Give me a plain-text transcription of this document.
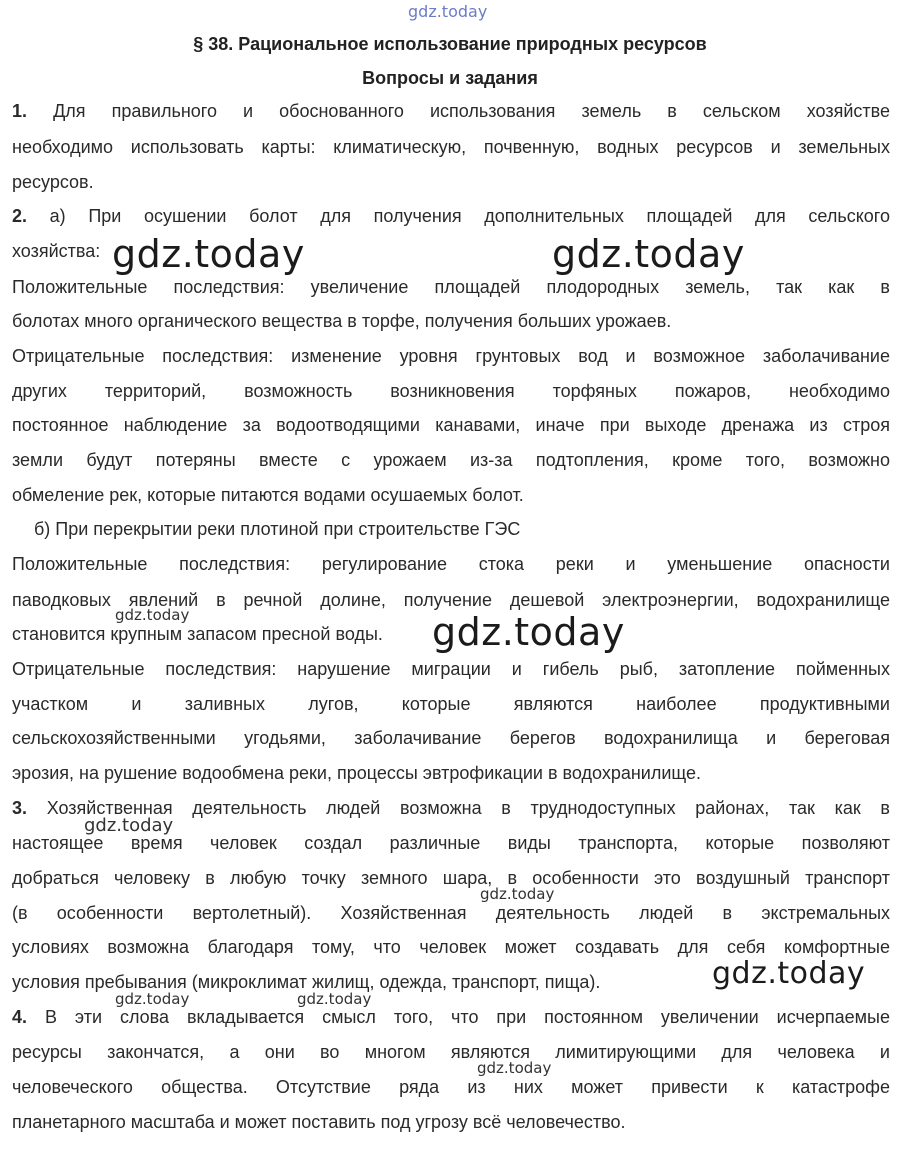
gdz.today
§ 38. Рациональное использование природных ресурсов
Вопросы и задания
1. Для правильного и обоснованного использования земель в сельском хозяйстве
необходимо использовать карты: климатическую, почвенную, водных ресурсов и земельных
ресурсов.
2. а) При осушении болот для получения дополнительных площадей для сельского
хозяйства:
Положительные последствия: увеличение площадей плодородных земель, так как в
болотах много органического вещества в торфе, получения больших урожаев.
Отрицательные последствия: изменение уровня грунтовых вод и возможное заболачивание
других территорий, возможность возникновения торфяных пожаров, необходимо
постоянное наблюдение за водоотводящими канавами, иначе при выходе дренажа из строя
земли будут потеряны вместе с урожаем из-за подтопления, кроме того, возможно
обмеление рек, которые питаются водами осушаемых болот.
б) При перекрытии реки плотиной при строительстве ГЭС
Положительные последствия: регулирование стока реки и уменьшение опасности
паводковых явлений в речной долине, получение дешевой электроэнергии, водохранилище
становится крупным запасом пресной воды.
Отрицательные последствия: нарушение миграции и гибель рыб, затопление пойменных
участком и заливных лугов, которые являются наиболее продуктивными
сельскохозяйственными угодьями, заболачивание берегов водохранилища и береговая
эрозия, на рушение водообмена реки, процессы эвтрофикации в водохранилище.
3. Хозяйственная деятельность людей возможна в труднодоступных районах, так как в
настоящее время человек создал различные виды транспорта, которые позволяют
добраться человеку в любую точку земного шара, в особенности это воздушный транспорт
(в особенности вертолетный). Хозяйственная деятельность людей в экстремальных
условиях возможна благодаря тому, что человек может создавать для себя комфортные
условия пребывания (микроклимат жилищ, одежда, транспорт, пища).
4. В эти слова вкладывается смысл того, что при постоянном увеличении исчерпаемые
ресурсы закончатся, а они во многом являются лимитирующими для человека и
человеческого общества. Отсутствие ряда из них может привести к катастрофе
планетарного масштаба и может поставить под угрозу всё человечество.
gdz.today	gdz.today
gdz.today
gdz.today
gdz.today
gdz.today
gdz.today
gdz.today	gdz.today
gdz.today
